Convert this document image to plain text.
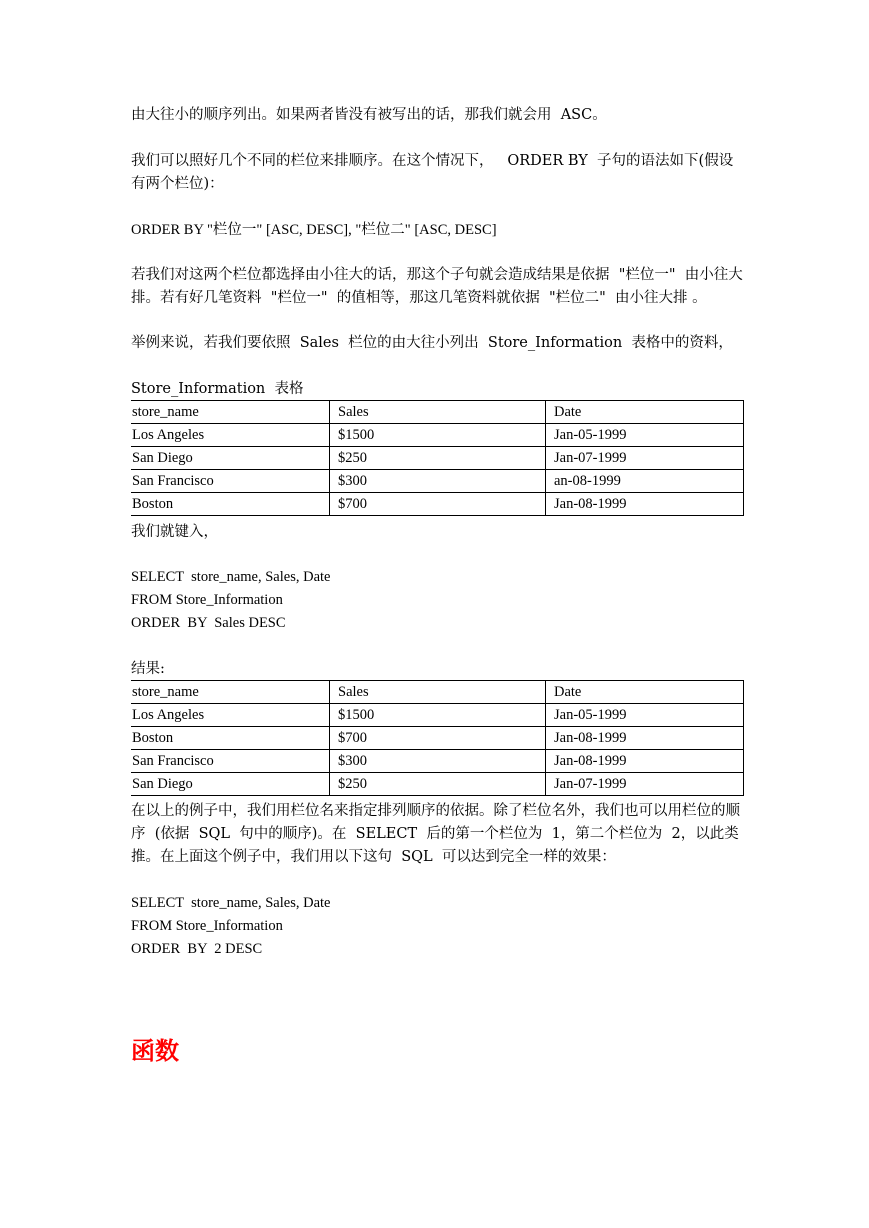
由大往小的顺序列出。如果两者皆没有被写出的话，那我们就会用  ASC。
我们可以照好几个不同的栏位来排顺序。在这个情况下，   ORDER BY  子句的语法如下(假设有两个栏位)：
ORDER BY "栏位一" [ASC, DESC], "栏位二" [ASC, DESC]
若我们对这两个栏位都选择由小往大的话，那这个子句就会造成结果是依据  "栏位一"  由小往大排。若有好几笔资料  "栏位一"  的值相等，那这几笔资料就依据  "栏位二"  由小往大排 。
举例来说，若我们要依照  Sales  栏位的由大往小列出  Store_Information  表格中的资料，
Store_Information  表格
store_name	Sales	Date
Los Angeles	$1500	Jan-05-1999
San Diego	$250	Jan-07-1999
San Francisco	$300	an-08-1999
Boston	$700	Jan-08-1999
我们就键入，
SELECT  store_name, Sales, Date
FROM Store_Information
ORDER  BY  Sales DESC
结果:
store_name	Sales	Date
Los Angeles	$1500	Jan-05-1999
Boston	$700	Jan-08-1999
San Francisco	$300	Jan-08-1999
San Diego	$250	Jan-07-1999
在以上的例子中，我们用栏位名来指定排列顺序的依据。除了栏位名外，我们也可以用栏位的顺序  (依据  SQL  句中的顺序)。在  SELECT  后的第一个栏位为  1，第二个栏位为  2，以此类推。在上面这个例子中，我们用以下这句  SQL  可以达到完全一样的效果：
SELECT  store_name, Sales, Date
FROM Store_Information
ORDER  BY  2 DESC
函数
